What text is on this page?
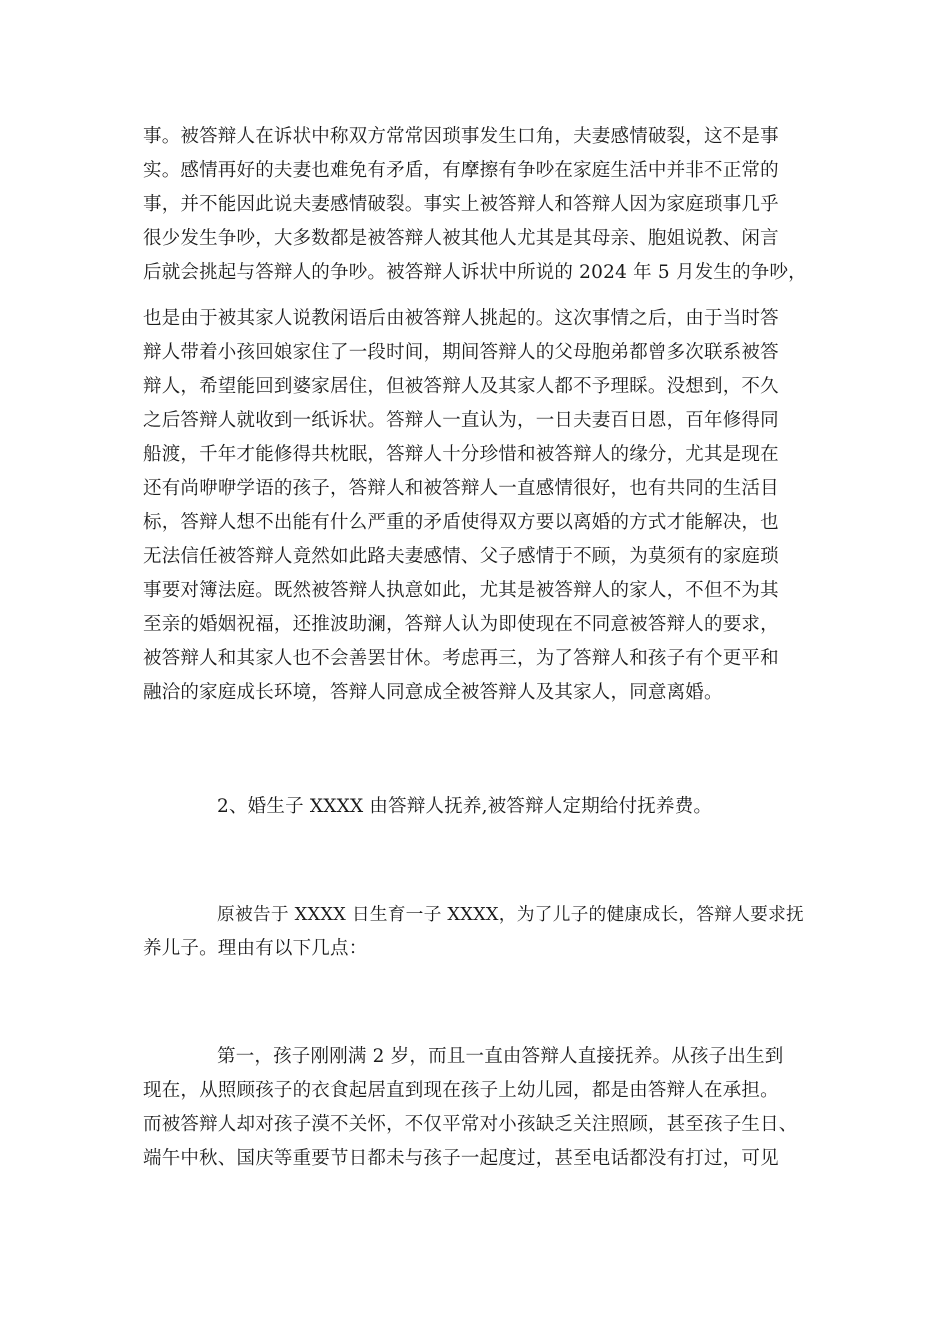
事。被答辩人在诉状中称双方常常因琐事发生口角，夫妻感情破裂，这不是事
实。感情再好的夫妻也难免有矛盾，有摩擦有争吵在家庭生活中并非不正常的
事，并不能因此说夫妻感情破裂。事实上被答辩人和答辩人因为家庭琐事几乎
很少发生争吵，大多数都是被答辩人被其他人尤其是其母亲、胞姐说教、闲言
后就会挑起与答辩人的争吵。被答辩人诉状中所说的 2024 年 5 月发生的争吵，
也是由于被其家人说教闲语后由被答辩人挑起的。这次事情之后，由于当时答
辩人带着小孩回娘家住了一段时间，期间答辩人的父母胞弟都曾多次联系被答
辩人，希望能回到婆家居住，但被答辩人及其家人都不予理睬。没想到，不久
之后答辩人就收到一纸诉状。答辩人一直认为，一日夫妻百日恩，百年修得同
船渡，千年才能修得共枕眠，答辩人十分珍惜和被答辩人的缘分，尤其是现在
还有尚咿咿学语的孩子，答辩人和被答辩人一直感情很好，也有共同的生活目
标，答辩人想不出能有什么严重的矛盾使得双方要以离婚的方式才能解决，也
无法信任被答辩人竟然如此路夫妻感情、父子感情于不顾，为莫须有的家庭琐
事要对簿法庭。既然被答辩人执意如此，尤其是被答辩人的家人，不但不为其
至亲的婚姻祝福，还推波助澜，答辩人认为即使现在不同意被答辩人的要求，
被答辩人和其家人也不会善罢甘休。考虑再三，为了答辩人和孩子有个更平和
融洽的家庭成长环境，答辩人同意成全被答辩人及其家人，同意离婚。
2、婚生子 XXXX 由答辩人抚养,被答辩人定期给付抚养费。
原被告于 XXXX 日生育一子 XXXX，为了儿子的健康成长，答辩人要求抚
养儿子。理由有以下几点：
第一，孩子刚刚满 2 岁，而且一直由答辩人直接抚养。从孩子出生到
现在，从照顾孩子的衣食起居直到现在孩子上幼儿园，都是由答辩人在承担。
而被答辩人却对孩子漠不关怀，不仅平常对小孩缺乏关注照顾，甚至孩子生日、
端午中秋、国庆等重要节日都未与孩子一起度过，甚至电话都没有打过，可见
